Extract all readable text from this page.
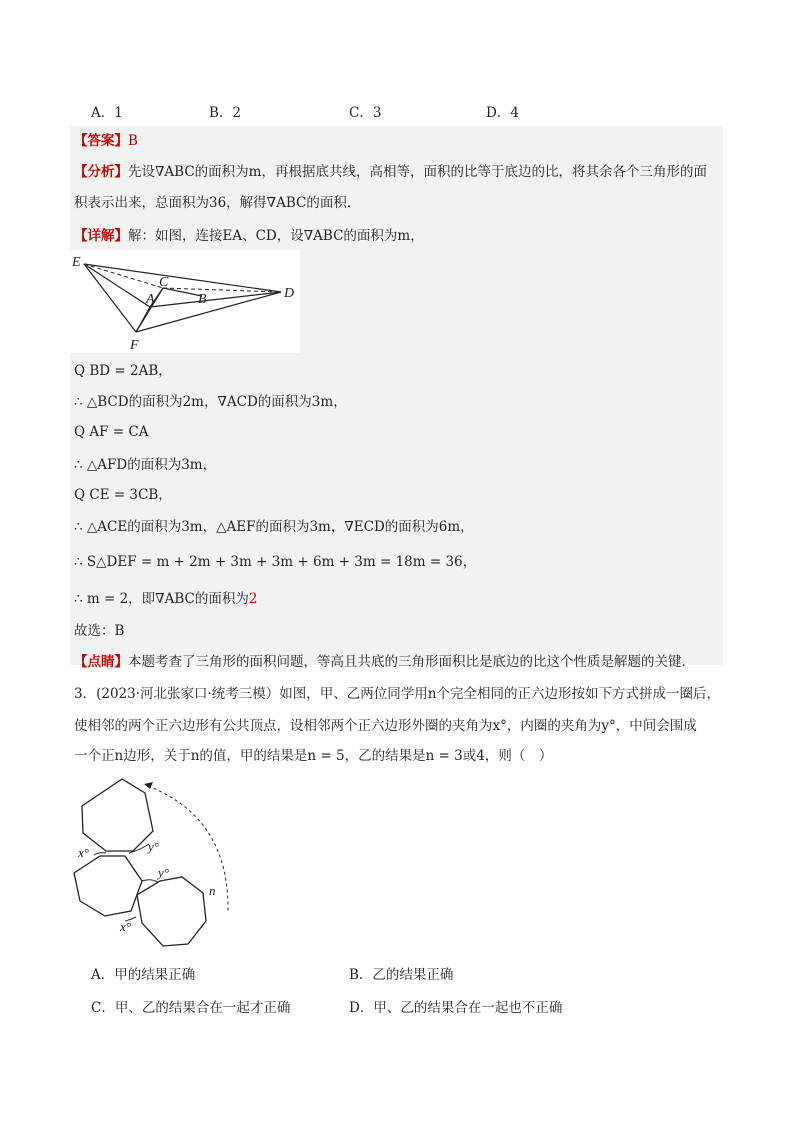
A．1	B．2	C．3	D．4
【答案】B
【分析】先设∇ABC的面积为m，再根据底共线，高相等，面积的比等于底边的比，将其余各个三角形的面
积表示出来，总面积为36，解得∇ABC的面积．
【详解】解：如图，连接EA、CD，设∇ABC的面积为m，
E
C
A	B	D
F
Q BD = 2AB，
∴ △BCD的面积为2m，∇ACD的面积为3m，
Q AF = CA
∴ △AFD的面积为3m，
Q CE = 3CB，
∴ △ACE的面积为3m，△AEF的面积为3m，∇ECD的面积为6m，
∴ S△DEF = m + 2m + 3m + 3m + 6m + 3m = 18m = 36，
∴ m = 2，即∇ABC的面积为2
故选：B
【点睛】本题考查了三角形的面积问题，等高且共底的三角形面积比是底边的比这个性质是解题的关键．
3．(2023·河北张家口·统考三模）如图，甲、乙两位同学用n个完全相同的正六边形按如下方式拼成一圈后，
使相邻的两个正六边形有公共顶点，设相邻两个正六边形外圈的夹角为x°，内圈的夹角为y°，中间会围成
一个正n边形，关于n的值，甲的结果是n = 5，乙的结果是n = 3或4，则（　）
x°	y°
y°
n
x°
A．甲的结果正确	B．乙的结果正确
C．甲、乙的结果合在一起才正确	D．甲、乙的结果合在一起也不正确
